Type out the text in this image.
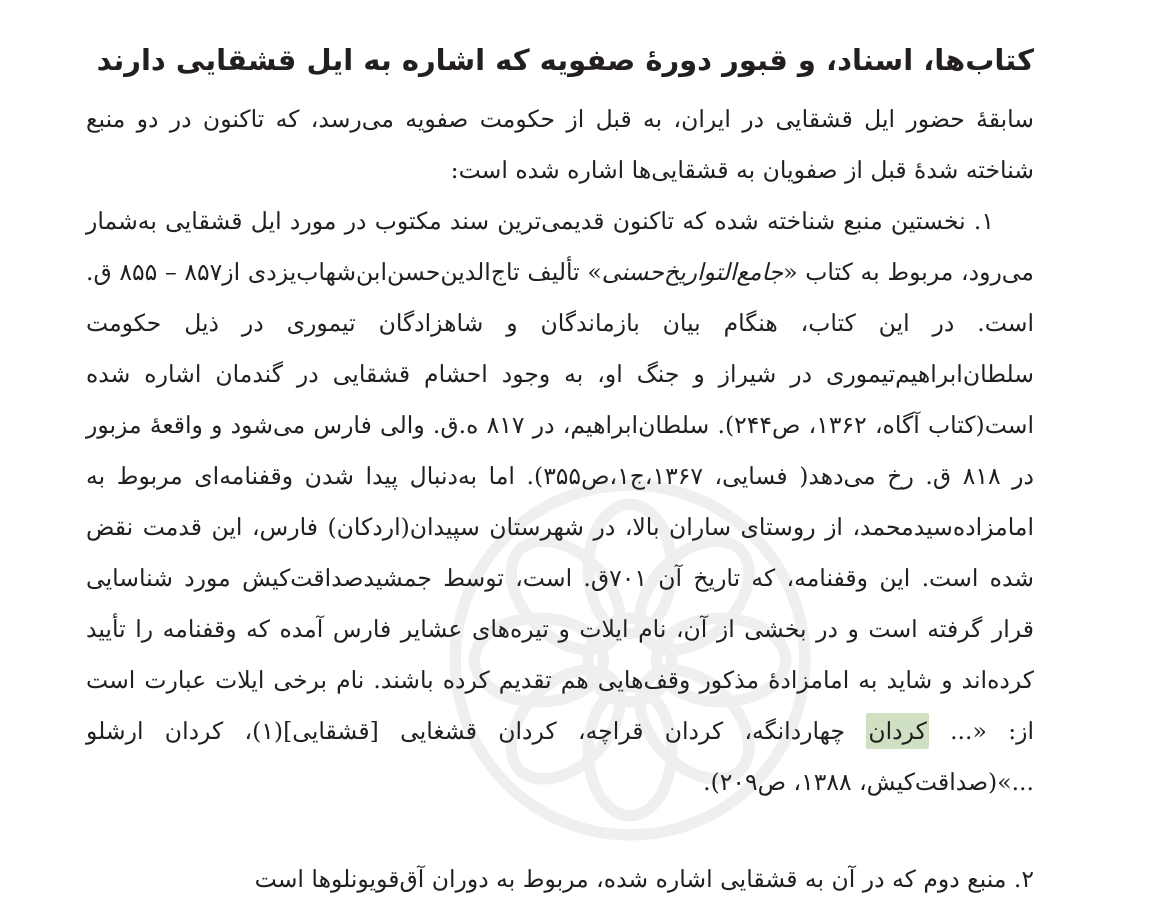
کتاب‌ها، اسناد، و قبور دورهٔ صفویه که اشاره به ایل قشقایی دارند

سابقهٔ حضور ایل قشقایی در ایران، به قبل از حکومت صفویه می‌رسد، که تاکنون در دو منبع شناخته شدهٔ قبل از صفویان به قشقایی‌ها اشاره شده است:

۱. نخستین منبع شناخته شده که تاکنون قدیمی‌ترین سند مکتوب در مورد ایل قشقایی به‌شمار می‌رود، مربوط به کتاب «جامع‌التواریخ‌حسنی» تألیف تاج‌الدین‌حسن‌ابن‌شهاب‌یزدی از۸۵۷ – ۸۵۵ ق. است. در این کتاب، هنگام بیان بازماندگان و شاهزادگان تیموری در ذیل حکومت سلطان‌ابراهیم‌تیموری در شیراز و جنگ او، به وجود احشام قشقایی در گندمان اشاره شده است(کتاب آگاه، ۱۳۶۲، ص۲۴۴). سلطان‌ابراهیم، در ۸۱۷ ه.ق. والی فارس می‌شود و واقعهٔ مزبور در ۸۱۸ ق. رخ می‌دهد( فسایی، ۱۳۶۷،ج۱،ص۳۵۵). اما به‌دنبال پیدا شدن وقفنامه‌ای مربوط به امامزاده‌سیدمحمد، از روستای ساران بالا، در شهرستان سپیدان(اردکان) فارس، این قدمت نقض شده است. این وقفنامه، که تاریخ آن ۷۰۱ق. است، توسط جمشیدصداقت‌کیش مورد شناسایی قرار گرفته است و در بخشی از آن، نام ایلات و تیره‌های عشایر فارس آمده که وقفنامه را تأیید کرده‌اند و شاید به امامزادهٔ مذکور وقف‌هایی هم تقدیم کرده باشند. نام برخی ایلات عبارت است از: «... کردان چهاردانگه، کردان قراچه، کردان قشغایی [قشقایی](۱)، کردان ارشلو ...»(صداقت‌کیش، ۱۳۸۸، ص۲۰۹).

۲. منبع دوم که در آن به قشقایی اشاره شده، مربوط به دوران آق‌قویونلوها است
